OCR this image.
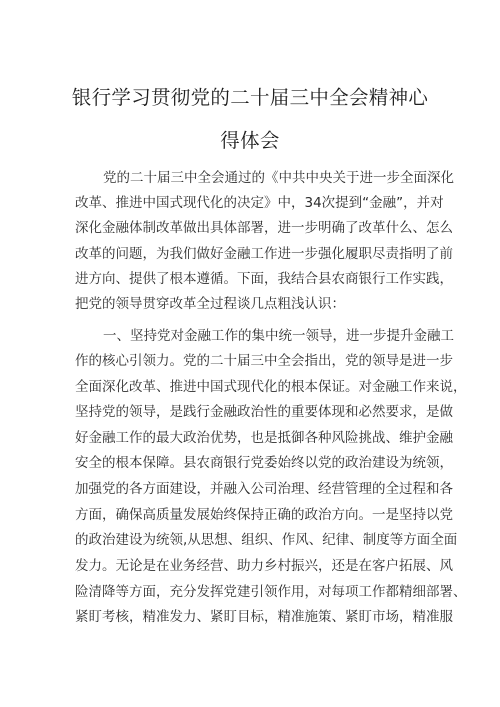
银行学习贯彻党的二十届三中全会精神心
得体会
党的二十届三中全会通过的《中共中央关于进一步全面深化
改革、推进中国式现代化的决定》中，34次提到“金融”，并对
深化金融体制改革做出具体部署，进一步明确了改革什么、怎么
改革的问题，为我们做好金融工作进一步强化履职尽责指明了前
进方向、提供了根本遵循。下面，我结合县农商银行工作实践，
把党的领导贯穿改革全过程谈几点粗浅认识：
一、坚持党对金融工作的集中统一领导，进一步提升金融工
作的核心引领力。党的二十届三中全会指出，党的领导是进一步
全面深化改革、推进中国式现代化的根本保证。对金融工作来说，
坚持党的领导，是践行金融政治性的重要体现和必然要求，是做
好金融工作的最大政治优势，也是抵御各种风险挑战、维护金融
安全的根本保障。县农商银行党委始终以党的政治建设为统领，
加强党的各方面建设，并融入公司治理、经营管理的全过程和各
方面，确保高质量发展始终保持正确的政治方向。一是坚持以党
的政治建设为统领,从思想、组织、作风、纪律、制度等方面全面
发力。无论是在业务经营、助力乡村振兴，还是在客户拓展、风
险清降等方面，充分发挥党建引领作用，对每项工作都精细部署、
紧盯考核，精准发力、紧盯目标，精准施策、紧盯市场，精准服
